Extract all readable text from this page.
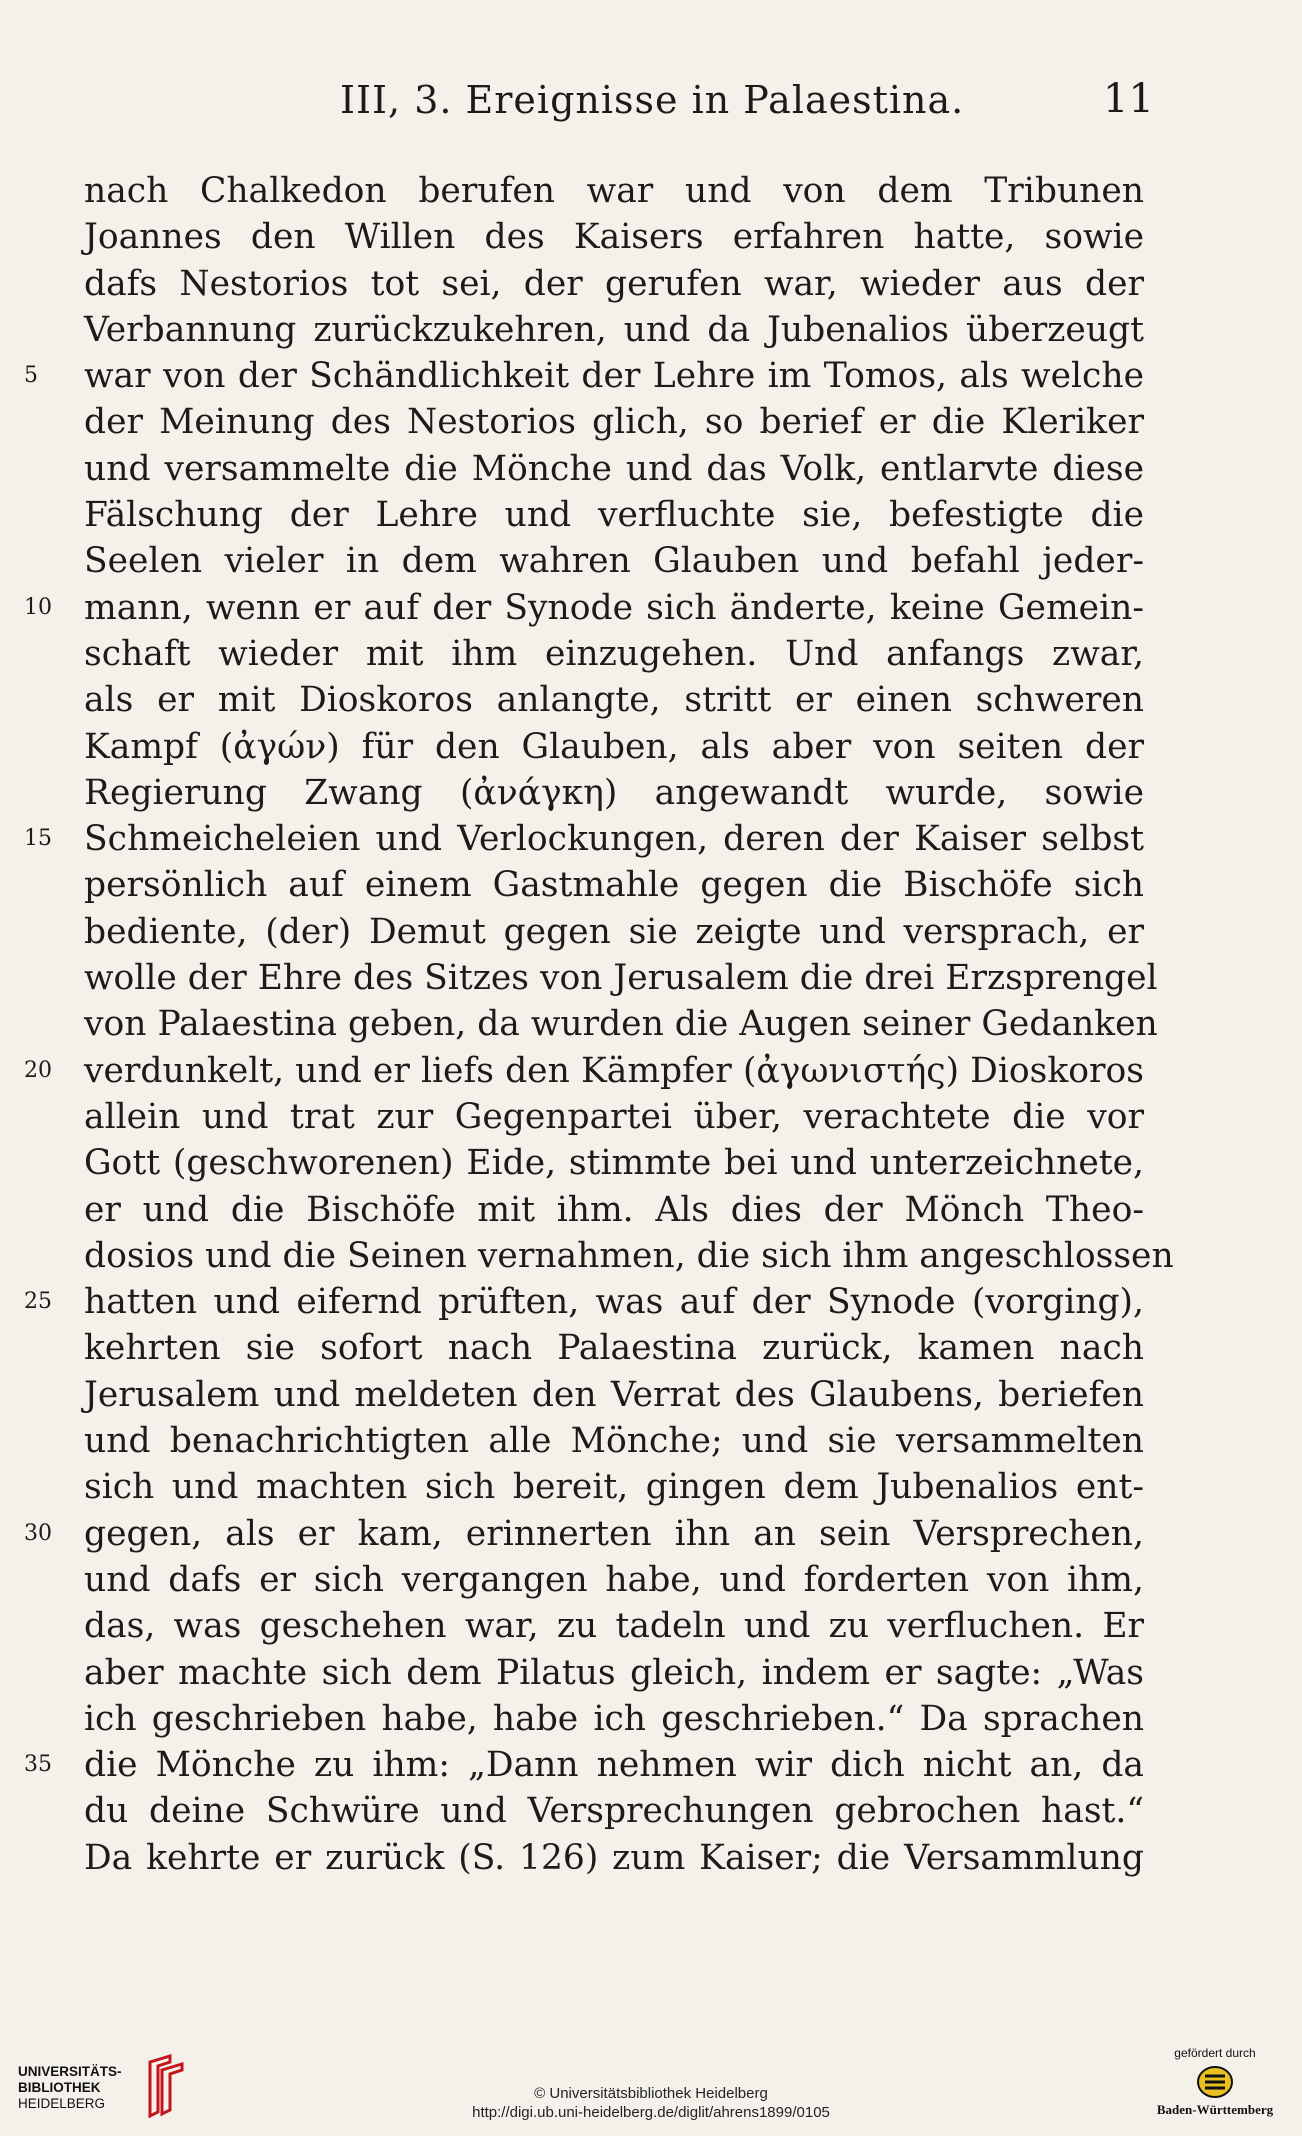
III, 3. Ereignisse in Palaestina.	11
nach Chalkedon berufen war und von dem Tribunen
Joannes den Willen des Kaisers erfahren hatte, sowie
dafs Nestorios tot sei, der gerufen war, wieder aus der
Verbannung zurückzukehren, und da Jubenalios überzeugt
5	war von der Schändlichkeit der Lehre im Tomos, als welche
der Meinung des Nestorios glich, so berief er die Kleriker
und versammelte die Mönche und das Volk, entlarvte diese
Fälschung der Lehre und verfluchte sie, befestigte die
Seelen vieler in dem wahren Glauben und befahl jeder-
10 mann, wenn er auf der Synode sich änderte, keine Gemein-
schaft wieder mit ihm einzugehen. Und anfangs zwar,
als er mit Dioskoros anlangte, stritt er einen schweren
Kampf (ἀγών) für den Glauben, als aber von seiten der
Regierung Zwang (ἀνάγκη) angewandt wurde, sowie
15 Schmeicheleien und Verlockungen, deren der Kaiser selbst
persönlich auf einem Gastmahle gegen die Bischöfe sich
bediente, (der) Demut gegen sie zeigte und versprach, er
wolle der Ehre des Sitzes von Jerusalem die drei Erzsprengel
von Palaestina geben, da wurden die Augen seiner Gedanken
20 verdunkelt, und er liefs den Kämpfer (ἀγωνιστής) Dioskoros
allein und trat zur Gegenpartei über, verachtete die vor
Gott (geschworenen) Eide, stimmte bei und unterzeichnete,
er und die Bischöfe mit ihm. Als dies der Mönch Theo-
dosios und die Seinen vernahmen, die sich ihm angeschlossen
25 hatten und eifernd prüften, was auf der Synode (vorging),
kehrten sie sofort nach Palaestina zurück, kamen nach
Jerusalem und meldeten den Verrat des Glaubens, beriefen
und benachrichtigten alle Mönche; und sie versammelten
sich und machten sich bereit, gingen dem Jubenalios ent-
30 gegen, als er kam, erinnerten ihn an sein Versprechen,
und dafs er sich vergangen habe, und forderten von ihm,
das, was geschehen war, zu tadeln und zu verfluchen. Er
aber machte sich dem Pilatus gleich, indem er sagte: „Was
ich geschrieben habe, habe ich geschrieben.“ Da sprachen
35 die Mönche zu ihm: „Dann nehmen wir dich nicht an, da
du deine Schwüre und Versprechungen gebrochen hast.“
Da kehrte er zurück (S. 126) zum Kaiser; die Versammlung
UNIVERSITÄTS-
BIBLIOTHEK
HEIDELBERG
© Universitätsbibliothek Heidelberg
http://digi.ub.uni-heidelberg.de/diglit/ahrens1899/0105
gefördert durch
Baden-Württemberg
